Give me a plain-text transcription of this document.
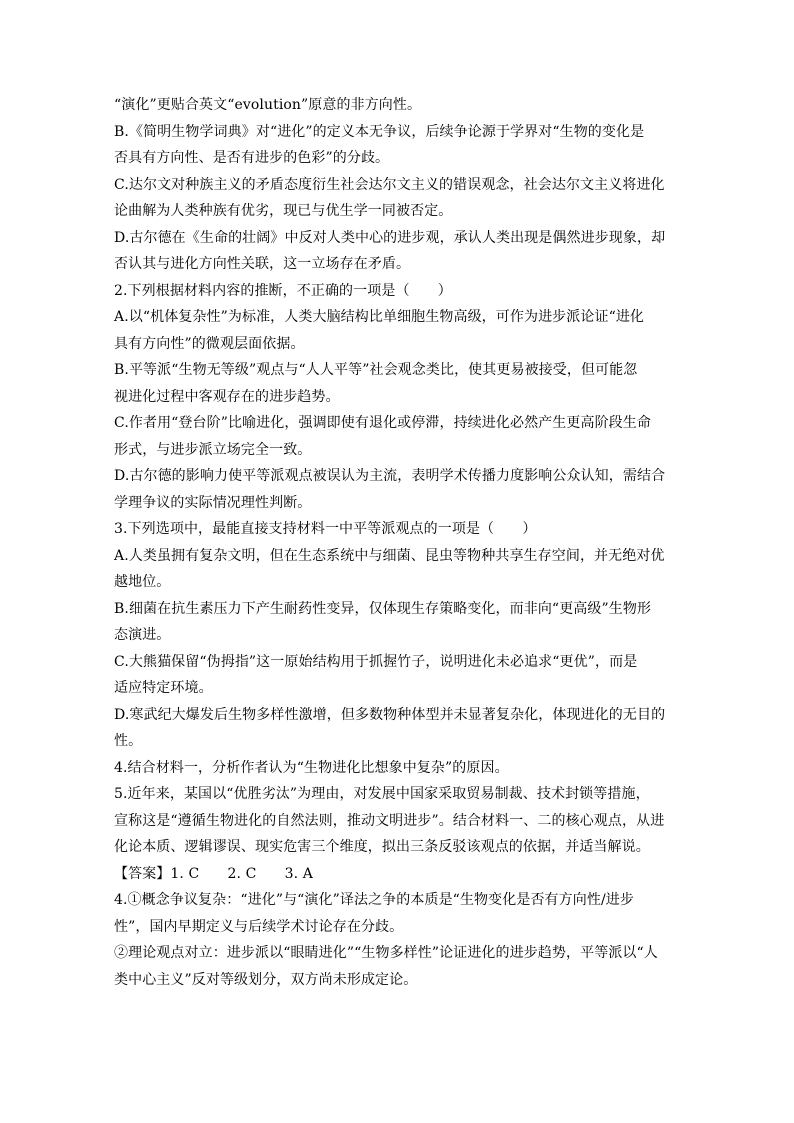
“演化”更贴合英文“evolution”原意的非方向性。
B.《简明生物学词典》对“进化”的定义本无争议，后续争论源于学界对“生物的变化是
否具有方向性、是否有进步的色彩”的分歧。
C.达尔文对种族主义的矛盾态度衍生社会达尔文主义的错误观念，社会达尔文主义将进化
论曲解为人类种族有优劣，现已与优生学一同被否定。
D.古尔德在《生命的壮阔》中反对人类中心的进步观，承认人类出现是偶然进步现象，却
否认其与进化方向性关联，这一立场存在矛盾。
2.下列根据材料内容的推断，不正确的一项是（　　）
A.以“机体复杂性”为标准，人类大脑结构比单细胞生物高级，可作为进步派论证“进化
具有方向性”的微观层面依据。
B.平等派“生物无等级”观点与“人人平等”社会观念类比，使其更易被接受，但可能忽
视进化过程中客观存在的进步趋势。
C.作者用“登台阶”比喻进化，强调即使有退化或停滞，持续进化必然产生更高阶段生命
形式，与进步派立场完全一致。
D.古尔德的影响力使平等派观点被误认为主流，表明学术传播力度影响公众认知，需结合
学理争议的实际情况理性判断。
3.下列选项中，最能直接支持材料一中平等派观点的一项是（　　）
A.人类虽拥有复杂文明，但在生态系统中与细菌、昆虫等物种共享生存空间，并无绝对优
越地位。
B.细菌在抗生素压力下产生耐药性变异，仅体现生存策略变化，而非向“更高级”生物形
态演进。
C.大熊猫保留“伪拇指”这一原始结构用于抓握竹子，说明进化未必追求“更优”，而是
适应特定环境。
D.寒武纪大爆发后生物多样性激增，但多数物种体型并未显著复杂化，体现进化的无目的
性。
4.结合材料一，分析作者认为“生物进化比想象中复杂”的原因。
5.近年来，某国以“优胜劣汰”为理由，对发展中国家采取贸易制裁、技术封锁等措施，
宣称这是“遵循生物进化的自然法则，推动文明进步”。结合材料一、二的核心观点，从进
化论本质、逻辑谬误、现实危害三个维度，拟出三条反驳该观点的依据，并适当解说。
【答案】1. C　　2. C　　3. A
4.①概念争议复杂：“进化”与“演化”译法之争的本质是“生物变化是否有方向性/进步
性”，国内早期定义与后续学术讨论存在分歧。
②理论观点对立：进步派以“眼睛进化”“生物多样性”论证进化的进步趋势，平等派以“人
类中心主义”反对等级划分，双方尚未形成定论。
